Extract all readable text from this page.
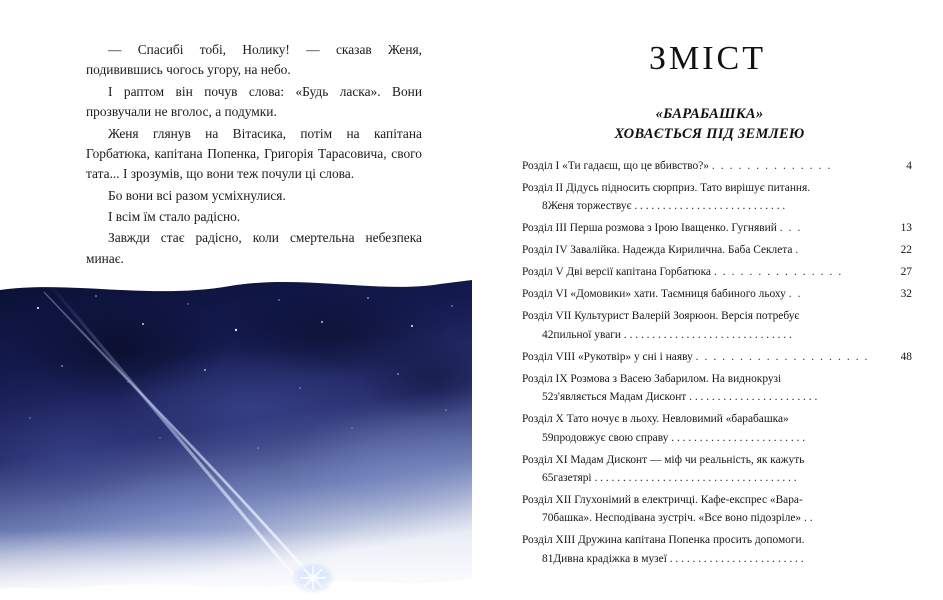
— Спасибі тобі, Нолику! — сказав Женя, подивившись чогось угору, на небо.

І раптом він почув слова: «Будь ласка». Вони прозвучали не вголос, а подумки.

Женя глянув на Вітасика, потім на капітана Горбатюка, капітана Попенка, Григорія Тарасовича, свого тата... І зрозумів, що вони теж почули ці слова.

Бо вони всі разом усміхнулися.

І всім їм стало радісно.

Завжди стає радісно, коли смертельна небезпека минає.

ЗМІСТ
«БАРАБАШКА»
ХОВАЄТЬСЯ ПІД ЗЕМЛЕЮ
4
Розділ I «Ти гадаєш, що це вбивство?» . . . . . . . . . . . . . .
Розділ II Дідусь підносить сюрприз. Тато вирішує питання.
8Женя торжествує . . . . . . . . . . . . . . . . . . . . . . . . . . .
13
Розділ III Перша розмова з Ірою Іващенко. Гугнявий . . .
22
Розділ IV Завалійка. Надежда Кирилична. Баба Секлета .
27
Розділ V Дві версії капітана Горбатюка . . . . . . . . . . . . . . .
32
Розділ VI «Домовики» хати. Таємниця бабиного льоху . .
Розділ VII Культурист Валерій Зоярюон. Версія потребує
42пильної уваги . . . . . . . . . . . . . . . . . . . . . . . . . . . . . .
48
Розділ VIII «Рукотвір» у сні і наяву . . . . . . . . . . . . . . . . . . . .
Розділ IX Розмова з Васею Забарилом. На виднокрузі
52з'являється Мадам Дисконт . . . . . . . . . . . . . . . . . . . . . . .
Розділ X Тато ночує в льоху. Невловимий «барабашка»
59продовжує свою справу . . . . . . . . . . . . . . . . . . . . . . . .
Розділ XI Мадам Дисконт — міф чи реальність, як кажуть
65газетярі . . . . . . . . . . . . . . . . . . . . . . . . . . . . . . . . . . . .
Розділ XII Глухонімий в електричці. Кафе-експрес «Вара-
70башка». Несподівана зустріч. «Все воно підозріле» . .
Розділ XIII Дружина капітана Попенка просить допомоги.
81Дивна крадіжка в музеї . . . . . . . . . . . . . . . . . . . . . . . .
